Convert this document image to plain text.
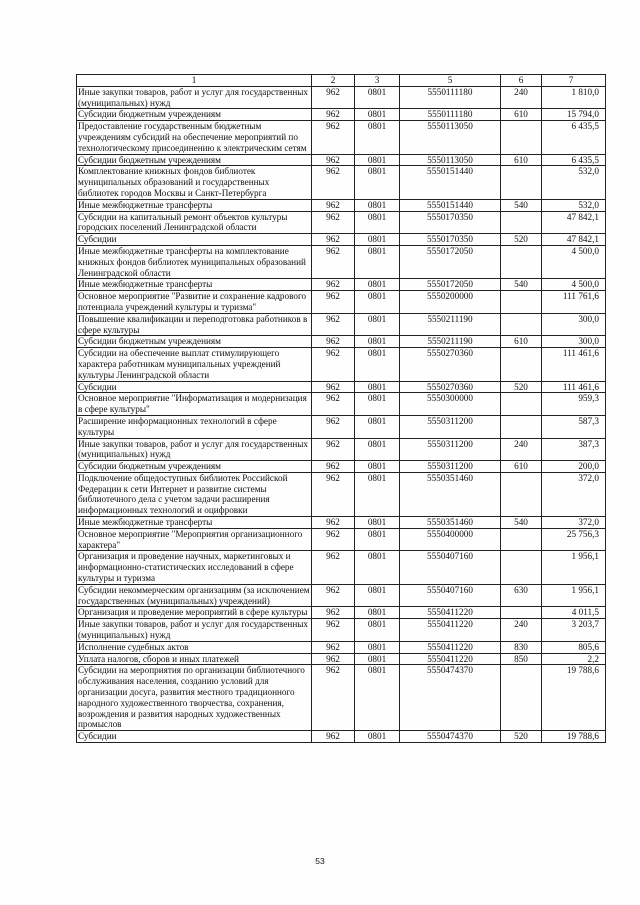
1	2	3	5	6	7
Иные закупки товаров, работ и услуг для государственных (муниципальных) нужд	962	0801	5550111180	240	1 810,0
Субсидии бюджетным учреждениям	962	0801	5550111180	610	15 794,0
Предоставление государственным бюджетным учреждениям субсидий на обеспечение мероприятий по технологическому присоединению к электрическим сетям	962	0801	5550113050		6 435,5
Субсидии бюджетным учреждениям	962	0801	5550113050	610	6 435,5
Комплектование книжных фондов библиотек муниципальных образований и государственных библиотек городов Москвы и Санкт-Петербурга	962	0801	5550151440		532,0
Иные межбюджетные трансферты	962	0801	5550151440	540	532,0
Субсидии на капитальный ремонт объектов культуры городских поселений Ленинградской области	962	0801	5550170350		47 842,1
Субсидии	962	0801	5550170350	520	47 842,1
Иные межбюджетные трансферты на комплектование книжных фондов библиотек муниципальных образований Ленинградской области	962	0801	5550172050		4 500,0
Иные межбюджетные трансферты	962	0801	5550172050	540	4 500,0
Основное мероприятие "Развитие и сохранение кадрового потенциала учреждений культуры и туризма"	962	0801	5550200000		111 761,6
Повышение квалификации и переподготовка работников в сфере культуры	962	0801	5550211190		300,0
Субсидии бюджетным учреждениям	962	0801	5550211190	610	300,0
Субсидии на обеспечение выплат стимулирующего характера работникам муниципальных учреждений культуры Ленинградской области	962	0801	5550270360		111 461,6
Субсидии	962	0801	5550270360	520	111 461,6
Основное мероприятие "Информатизация и модернизация в сфере культуры"	962	0801	5550300000		959,3
Расширение информационных технологий в сфере культуры	962	0801	5550311200		587,3
Иные закупки товаров, работ и услуг для государственных (муниципальных) нужд	962	0801	5550311200	240	387,3
Субсидии бюджетным учреждениям	962	0801	5550311200	610	200,0
Подключение общедоступных библиотек Российской Федерации к сети Интернет и развитие системы библиотечного дела с учетом задачи расширения информационных технологий и оцифровки	962	0801	5550351460		372,0
Иные межбюджетные трансферты	962	0801	5550351460	540	372,0
Основное мероприятие "Мероприятия организационного характера"	962	0801	5550400000		25 756,3
Организация и проведение научных, маркетинговых и информационно-статистических исследований в сфере культуры и туризма	962	0801	5550407160		1 956,1
Субсидии некоммерческим организациям (за исключением государственных (муниципальных) учреждений)	962	0801	5550407160	630	1 956,1
Организация и проведение мероприятий в сфере культуры	962	0801	5550411220		4 011,5
Иные закупки товаров, работ и услуг для государственных (муниципальных) нужд	962	0801	5550411220	240	3 203,7
Исполнение судебных актов	962	0801	5550411220	830	805,6
Уплата налогов, сборов и иных платежей	962	0801	5550411220	850	2,2
Субсидии на мероприятия по организации библиотечного обслуживания населения, созданию условий для организации досуга, развития местного традиционного народного художественного творчества, сохранения, возрождения и развития народных художественных промыслов	962	0801	5550474370		19 788,6
Субсидии	962	0801	5550474370	520	19 788,6
53
